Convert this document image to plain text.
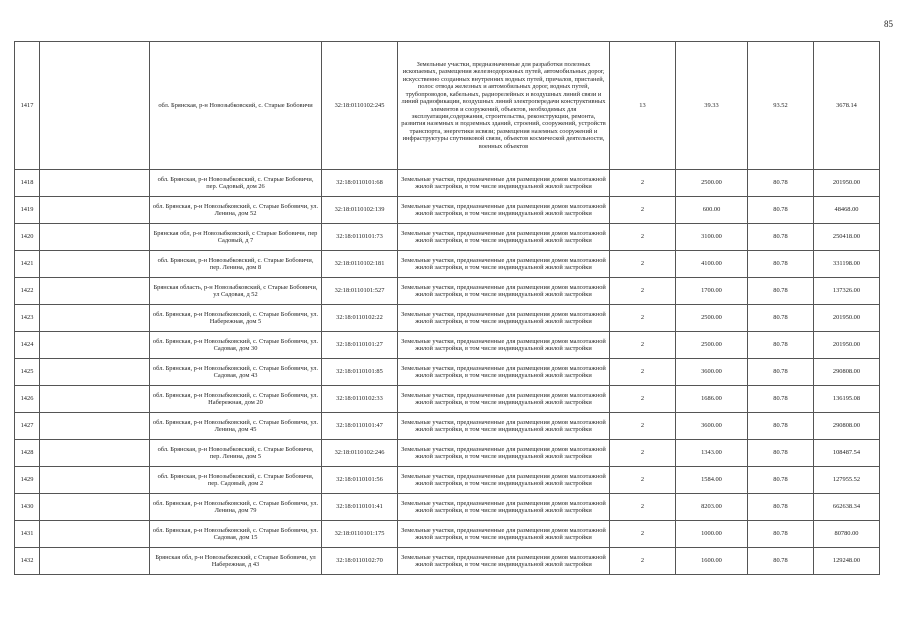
85
1417		обл. Брянская, р-н Новозыбковский, с. Старые Бобовичи	32:18:0110102:245	Земельные участки, предназначенные для разработки полезных ископаемых, размещения железнодорожных путей, автомобильных дорог, искусственно созданных внутренних водных путей, причалов, пристаней, полос отвода железных и автомобильных дорог, водных путей, трубопроводов, кабельных, радиорелейных и воздушных линий связи и линий радиофикации, воздушных линий электропередачи конструктивных элементов и сооружений, объектов, необходимых для эксплуатации,содержания, строительства, реконструкции, ремонта, развития наземных и подземных зданий, строений, сооружений, устройств транспорта, энергетики исвязи; размещения наземных сооружений и инфраструктуры спутниковой связи, объектов космической деятельности, военных объектов	13	39.33	93.52	3678.14
1418		обл. Брянская, р-н Новозыбковский, с. Старые Бобовичи, пер. Садовый, дом 26	32:18:0110101:68	Земельные участки, предназначенные для размещения домов малоэтажной жилой застройки, в том числе индивидуальной жилой застройки	2	2500.00	80.78	201950.00
1419		обл. Брянская, р-н Новозыбковский, с. Старые Бобовичи, ул. Ленина, дом 52	32:18:0110102:139	Земельные участки, предназначенные для размещения домов малоэтажной жилой застройки, в том числе индивидуальной жилой застройки	2	600.00	80.78	48468.00
1420		Брянская обл, р-н Новозыбковский, с Старые Бобовичи, пер Садовый, д 7	32:18:0110101:73	Земельные участки, предназначенные для размещения домов малоэтажной жилой застройки, в том числе индивидуальной жилой застройки	2	3100.00	80.78	250418.00
1421		обл. Брянская, р-н Новозыбковский, с. Старые Бобовичи, пер. Ленина, дом 8	32:18:0110102:181	Земельные участки, предназначенные для размещения домов малоэтажной жилой застройки, в том числе индивидуальной жилой застройки	2	4100.00	80.78	331198.00
1422		Брянская область, р-н Новозыбковский, с Старые Бобовичи, ул Садовая, д 52	32:18:0110101:527	Земельные участки, предназначенные для размещения домов малоэтажной жилой застройки, в том числе индивидуальной жилой застройки	2	1700.00	80.78	137326.00
1423		обл. Брянская, р-н Новозыбковский, с. Старые Бобовичи, ул. Набережная, дом 5	32:18:0110102:22	Земельные участки, предназначенные для размещения домов малоэтажной жилой застройки, в том числе индивидуальной жилой застройки	2	2500.00	80.78	201950.00
1424		обл. Брянская, р-н Новозыбковский, с. Старые Бобовичи, ул. Садовая, дом 30	32:18:0110101:27	Земельные участки, предназначенные для размещения домов малоэтажной жилой застройки, в том числе индивидуальной жилой застройки	2	2500.00	80.78	201950.00
1425		обл. Брянская, р-н Новозыбковский, с. Старые Бобовичи, ул. Садовая, дом 43	32:18:0110101:85	Земельные участки, предназначенные для размещения домов малоэтажной жилой застройки, в том числе индивидуальной жилой застройки	2	3600.00	80.78	290808.00
1426		обл. Брянская, р-н Новозыбковский, с. Старые Бобовичи, ул. Набережная, дом 20	32:18:0110102:33	Земельные участки, предназначенные для размещения домов малоэтажной жилой застройки, в том числе индивидуальной жилой застройки	2	1686.00	80.78	136195.08
1427		обл. Брянская, р-н Новозыбковский, с. Старые Бобовичи, ул. Ленина, дом 45	32:18:0110101:47	Земельные участки, предназначенные для размещения домов малоэтажной жилой застройки, в том числе индивидуальной жилой застройки	2	3600.00	80.78	290808.00
1428		обл. Брянская, р-н Новозыбковский, с. Старые Бобовичи, пер. Ленина, дом 5	32:18:0110102:246	Земельные участки, предназначенные для размещения домов малоэтажной жилой застройки, в том числе индивидуальной жилой застройки	2	1343.00	80.78	108487.54
1429		обл. Брянская, р-н Новозыбковский, с. Старые Бобовичи, пер. Садовый, дом 2	32:18:0110101:56	Земельные участки, предназначенные для размещения домов малоэтажной жилой застройки, в том числе индивидуальной жилой застройки	2	1584.00	80.78	127955.52
1430		обл. Брянская, р-н Новозыбковский, с. Старые Бобовичи, ул. Ленина, дом 79	32:18:0110101:41	Земельные участки, предназначенные для размещения домов малоэтажной жилой застройки, в том числе индивидуальной жилой застройки	2	8203.00	80.78	662638.34
1431		обл. Брянская, р-н Новозыбковский, с. Старые Бобовичи, ул. Садовая, дом 15	32:18:0110101:175	Земельные участки, предназначенные для размещения домов малоэтажной жилой застройки, в том числе индивидуальной жилой застройки	2	1000.00	80.78	80780.00
1432		Брянская обл, р-н Новозыбковский, с Старые Бобовичи, ул Набережная, д 43	32:18:0110102:70	Земельные участки, предназначенные для размещения домов малоэтажной жилой застройки, в том числе индивидуальной жилой застройки	2	1600.00	80.78	129248.00
